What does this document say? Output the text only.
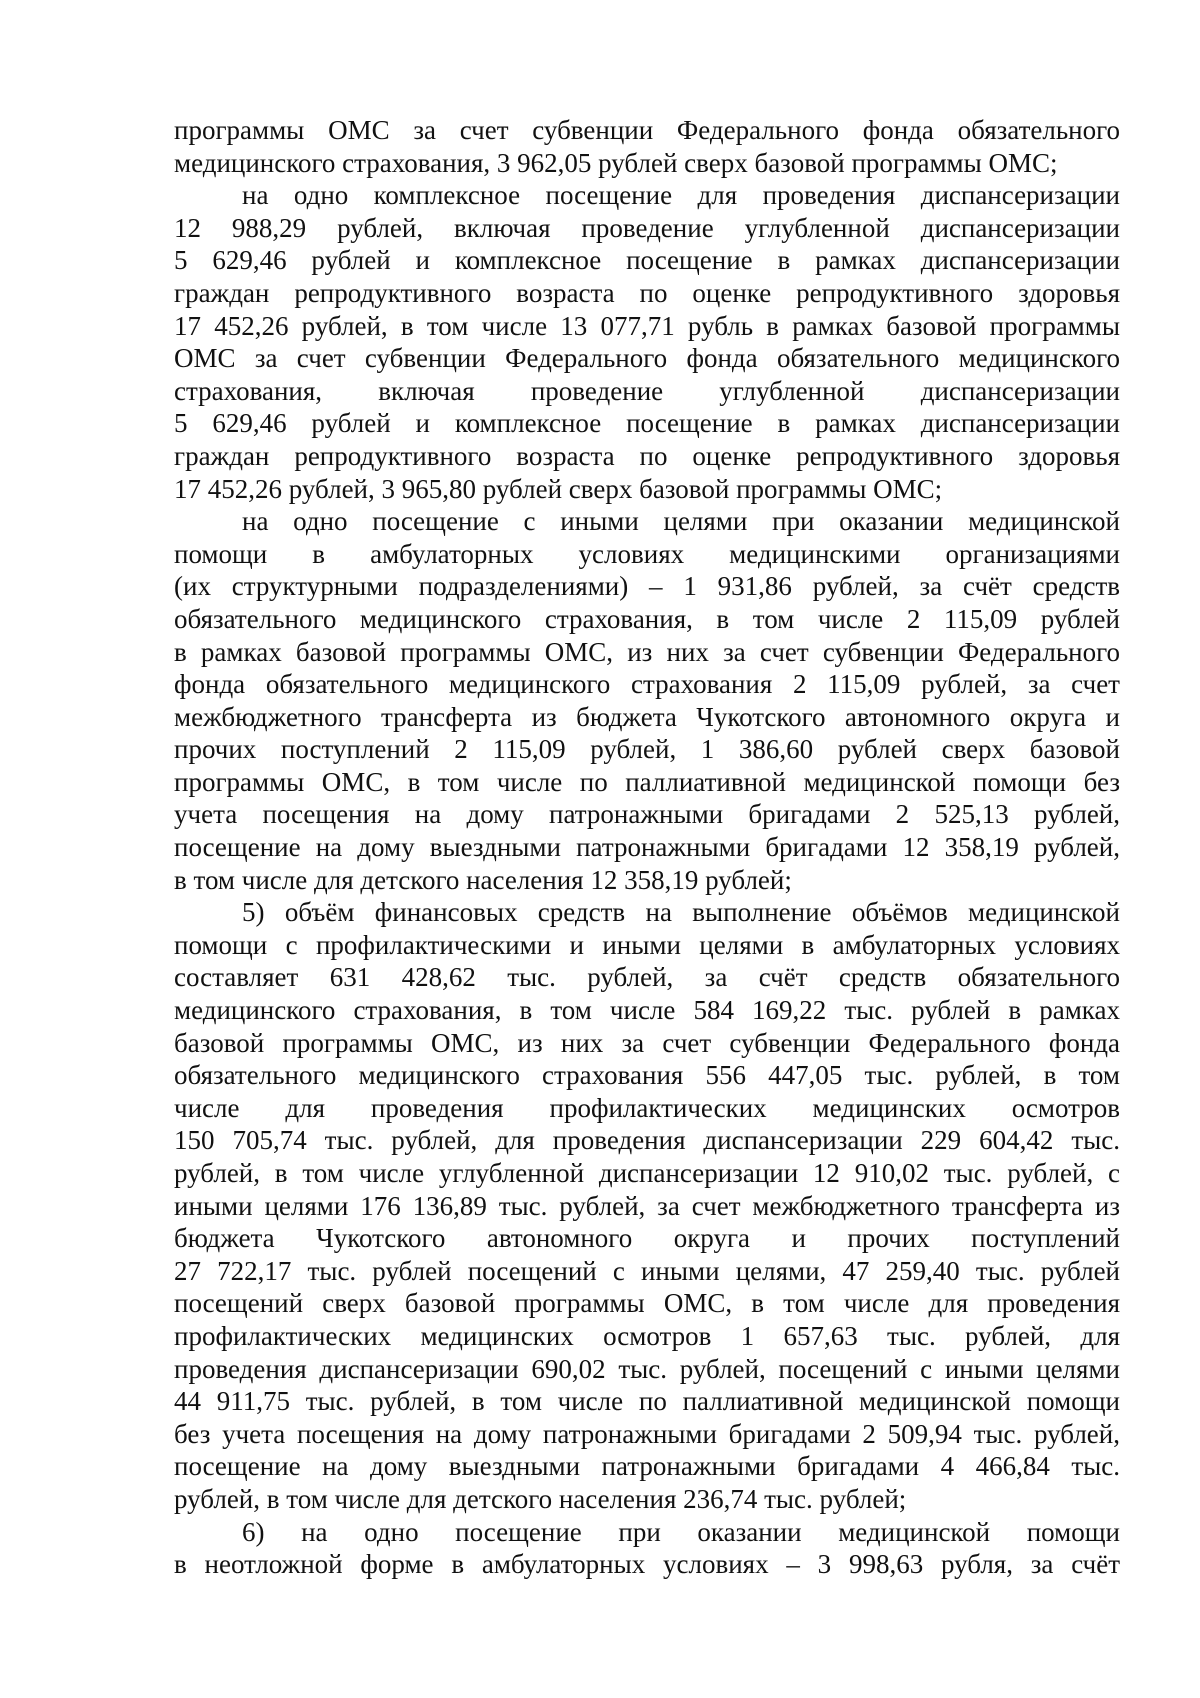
программы ОМС за счет субвенции Федерального фонда обязательного
медицинского страхования, 3 962,05 рублей сверх базовой программы ОМС;
на одно комплексное посещение для проведения диспансеризации
12 988,29 рублей, включая проведение углубленной диспансеризации
5 629,46 рублей и комплексное посещение в рамках диспансеризации
граждан репродуктивного возраста по оценке репродуктивного здоровья
17 452,26 рублей, в том числе 13 077,71 рубль в рамках базовой программы
ОМС за счет субвенции Федерального фонда обязательного медицинского
страхования, включая проведение углубленной диспансеризации
5 629,46 рублей и комплексное посещение в рамках диспансеризации
граждан репродуктивного возраста по оценке репродуктивного здоровья
17 452,26 рублей, 3 965,80 рублей сверх базовой программы ОМС;
на одно посещение с иными целями при оказании медицинской
помощи в амбулаторных условиях медицинскими организациями
(их структурными подразделениями) – 1 931,86 рублей, за счёт средств
обязательного медицинского страхования, в том числе 2 115,09 рублей
в рамках базовой программы ОМС, из них за счет субвенции Федерального
фонда обязательного медицинского страхования 2 115,09 рублей, за счет
межбюджетного трансферта из бюджета Чукотского автономного округа и
прочих поступлений 2 115,09 рублей, 1 386,60 рублей сверх базовой
программы ОМС, в том числе по паллиативной медицинской помощи без
учета посещения на дому патронажными бригадами 2 525,13 рублей,
посещение на дому выездными патронажными бригадами 12 358,19 рублей,
в том числе для детского населения 12 358,19 рублей;
5) объём финансовых средств на выполнение объёмов медицинской
помощи с профилактическими и иными целями в амбулаторных условиях
составляет 631 428,62 тыс. рублей, за счёт средств обязательного
медицинского страхования, в том числе 584 169,22 тыс. рублей в рамках
базовой программы ОМС, из них за счет субвенции Федерального фонда
обязательного медицинского страхования 556 447,05 тыс. рублей, в том
числе для проведения профилактических медицинских осмотров
150 705,74 тыс. рублей, для проведения диспансеризации 229 604,42 тыс.
рублей, в том числе углубленной диспансеризации 12 910,02 тыс. рублей, с
иными целями 176 136,89 тыс. рублей, за счет межбюджетного трансферта из
бюджета Чукотского автономного округа и прочих поступлений
27 722,17 тыс. рублей посещений с иными целями, 47 259,40 тыс. рублей
посещений сверх базовой программы ОМС, в том числе для проведения
профилактических медицинских осмотров 1 657,63 тыс. рублей, для
проведения диспансеризации 690,02 тыс. рублей, посещений с иными целями
44 911,75 тыс. рублей, в том числе по паллиативной медицинской помощи
без учета посещения на дому патронажными бригадами 2 509,94 тыс. рублей,
посещение на дому выездными патронажными бригадами 4 466,84 тыс.
рублей, в том числе для детского населения 236,74 тыс. рублей;
6) на одно посещение при оказании медицинской помощи
в неотложной форме в амбулаторных условиях – 3 998,63 рубля, за счёт
